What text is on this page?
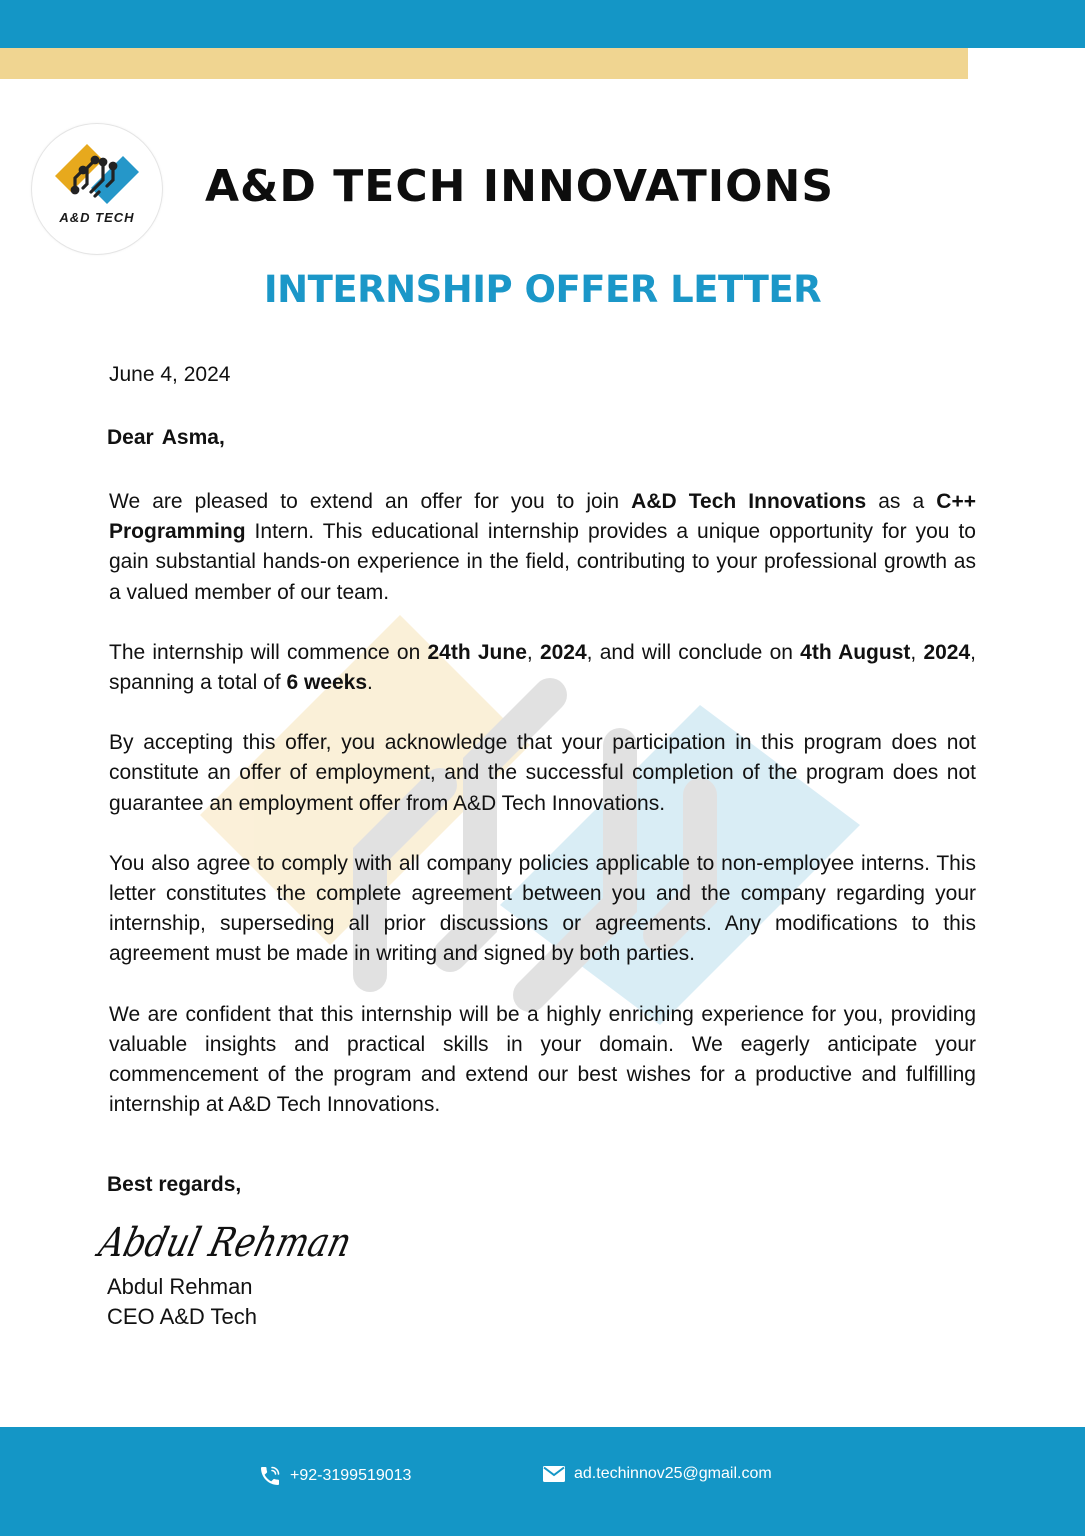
A&D TECH
A&D TECH INNOVATIONS
INTERNSHIP OFFER LETTER

June 4, 2024

Dear Asma,

We are pleased to extend an offer for you to join A&D Tech Innovations as a C++ Programming Intern. This educational internship provides a unique opportunity for you to gain substantial hands-on experience in the field, contributing to your professional growth as a valued member of our team.

The internship will commence on 24th June, 2024, and will conclude on 4th August, 2024, spanning a total of 6 weeks.

By accepting this offer, you acknowledge that your participation in this program does not constitute an offer of employment, and the successful completion of the program does not guarantee an employment offer from A&D Tech Innovations.

You also agree to comply with all company policies applicable to non-employee interns. This letter constitutes the complete agreement between you and the company regarding your internship, superseding all prior discussions or agreements. Any modifications to this agreement must be made in writing and signed by both parties.

We are confident that this internship will be a highly enriching experience for you, providing valuable insights and practical skills in your domain. We eagerly anticipate your commencement of the program and extend our best wishes for a productive and fulfilling internship at A&D Tech Innovations.

Best regards,

Abdul Rehman

Abdul Rehman

CEO A&D Tech

+92-3199519013	ad.techinnov25@gmail.com
